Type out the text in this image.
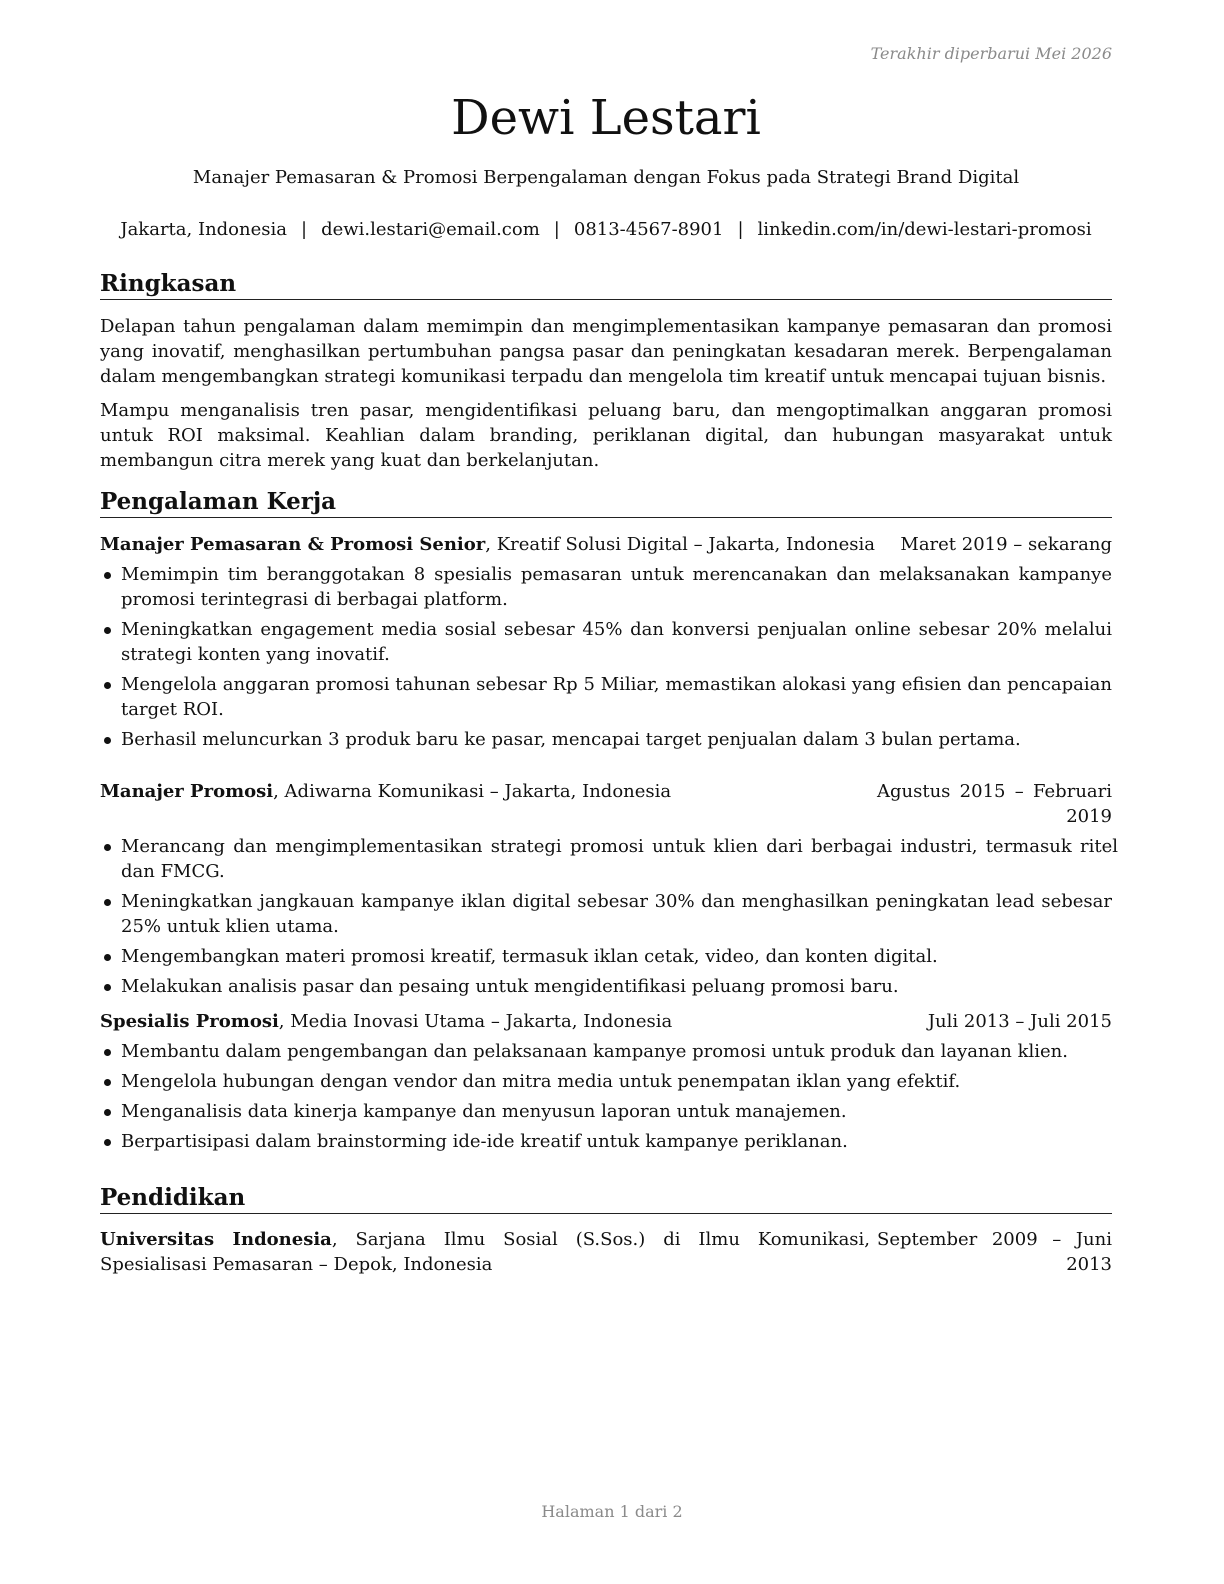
Terakhir diperbarui Mei 2026
Dewi Lestari
Manajer Pemasaran & Promosi Berpengalaman dengan Fokus pada Strategi Brand Digital
Jakarta, Indonesia | dewi.lestari@email.com | 0813-4567-8901 | linkedin.com/in/dewi-lestari-promosi
Ringkasan

Delapan tahun pengalaman dalam memimpin dan mengimplementasikan kampanye pemasaran dan promosi yang inovatif, menghasilkan pertumbuhan pangsa pasar dan peningkatan kesadaran merek. Berpengalaman dalam mengembangkan strategi komunikasi terpadu dan mengelola tim kreatif untuk mencapai tujuan bisnis.

Mampu menganalisis tren pasar, mengidentifikasi peluang baru, dan mengoptimalkan anggaran promosi untuk ROI maksimal. Keahlian dalam branding, periklanan digital, dan hubungan masyarakat untuk membangun citra merek yang kuat dan berkelanjutan.

Pengalaman Kerja
Manajer Pemasaran & Promosi Senior, Kreatif Solusi Digital – Jakarta, Indonesia Maret 2019 – sekarang
Memimpin tim beranggotakan 8 spesialis pemasaran untuk merencanakan dan melaksanakan kampanye promosi terintegrasi di berbagai platform.
Meningkatkan engagement media sosial sebesar 45% dan konversi penjualan online sebesar 20% melalui strategi konten yang inovatif.
Mengelola anggaran promosi tahunan sebesar Rp 5 Miliar, memastikan alokasi yang efisien dan pencapaian target ROI.
Berhasil meluncurkan 3 produk baru ke pasar, mencapai target penjualan dalam 3 bulan pertama.
Manajer Promosi, Adiwarna Komunikasi – Jakarta, Indonesia	Agustus 2015 – Februari 2019
Merancang dan mengimplementasikan strategi promosi untuk klien dari berbagai industri, termasuk ritel dan FMCG.
Meningkatkan jangkauan kampanye iklan digital sebesar 30% dan menghasilkan peningkatan lead sebesar 25% untuk klien utama.
Mengembangkan materi promosi kreatif, termasuk iklan cetak, video, dan konten digital.
Melakukan analisis pasar dan pesaing untuk mengidentifikasi peluang promosi baru.
Spesialis Promosi, Media Inovasi Utama – Jakarta, Indonesia	Juli 2013 – Juli 2015
Membantu dalam pengembangan dan pelaksanaan kampanye promosi untuk produk dan layanan klien.
Mengelola hubungan dengan vendor dan mitra media untuk penempatan iklan yang efektif.
Menganalisis data kinerja kampanye dan menyusun laporan untuk manajemen.
Berpartisipasi dalam brainstorming ide-ide kreatif untuk kampanye periklanan.
Pendidikan
Universitas Indonesia, Sarjana Ilmu Sosial (S.Sos.) di Ilmu Komunikasi, Spesialisasi Pemasaran – Depok, Indonesia
September 2009 – Juni 2013
Halaman 1 dari 2
